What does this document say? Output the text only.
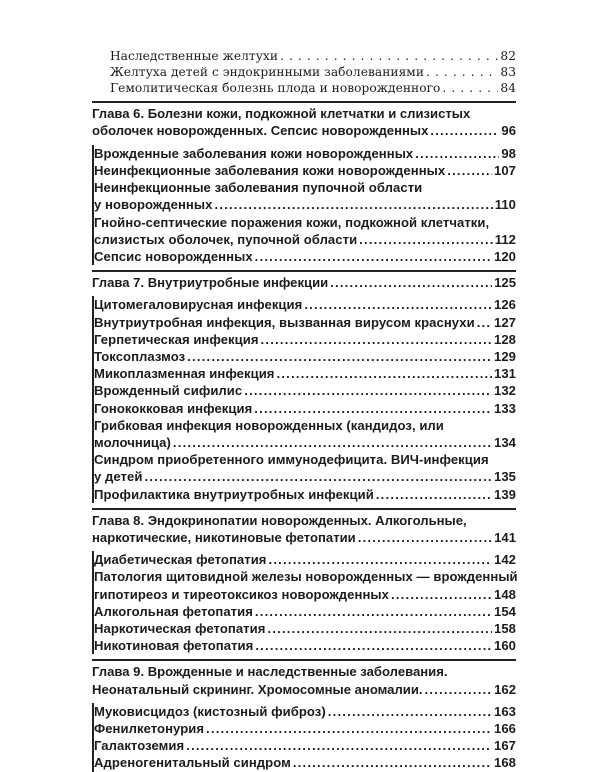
Наследственные желтухи . . .	82
Желтуха детей с эндокринными заболеваниями . . .	83
Гемолитическая болезнь плода и новорожденного . . .	84
Глава 6. Болезни кожи, подкожной клетчатки и слизистых
оболочек новорожденных. Сепсис новорожденных .....	96
Врожденные заболевания кожи новорожденных .....	98
Неинфекционные заболевания кожи новорожденных .....	107
Неинфекционные заболевания пупочной области
у новорожденных .....	110
Гнойно-септические поражения кожи, подкожной клетчатки,
слизистых оболочек, пупочной области .....	112
Сепсис новорожденных .....	120
Глава 7. Внутриутробные инфекции .....	125
Цитомегаловирусная инфекция .....	126
Внутриутробная инфекция, вызванная вирусом краснухи ..... 127
Герпетическая инфекция .....	128
Токсоплазмоз .....	129
Микоплазменная инфекция .....	131
Врожденный сифилис .....	132
Гонококковая инфекция .....	133
Грибковая инфекция новорожденных (кандидоз, или
молочница) .....	134
Синдром приобретенного иммунодефицита. ВИЧ-инфекция
у детей .....	135
Профилактика внутриутробных инфекций .....	139
Глава 8. Эндокринопатии новорожденных. Алкогольные,
наркотические, никотиновые фетопатии .....	141
Диабетическая фетопатия .....	142
Патология щитовидной железы новорожденных — врожденный
гипотиреоз и тиреотоксикоз новорожденных .....	148
Алкогольная фетопатия .....	154
Наркотическая фетопатия .....	158
Никотиновая фетопатия .....	160
Глава 9. Врожденные и наследственные заболевания.
Неонатальный скрининг. Хромосомные аномалии. .....	162
Муковисцидоз (кистозный фиброз) .....	163
Фенилкетонурия .....	166
Галактоземия .....	167
Адреногенитальный синдром .....	168
